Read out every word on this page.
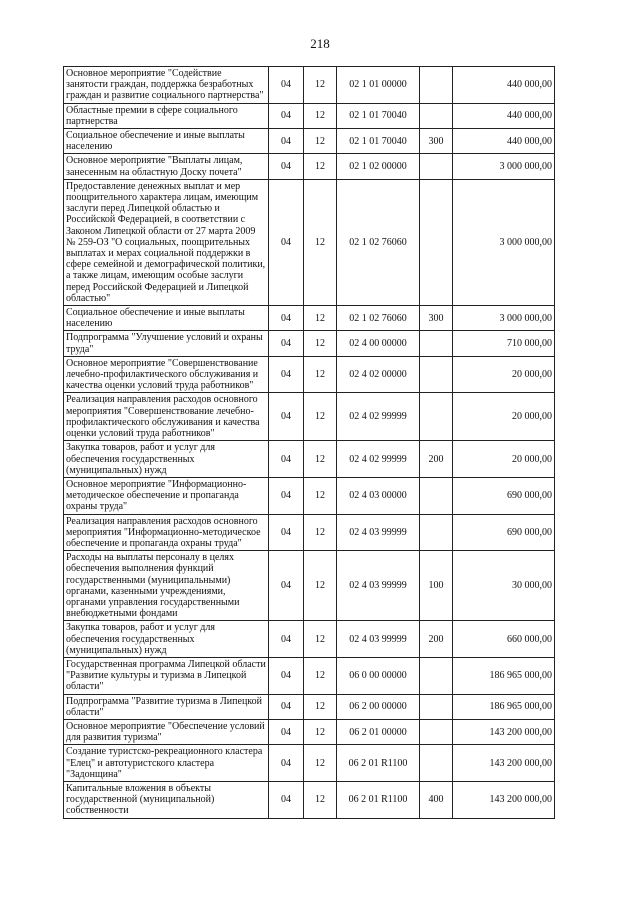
218
Основное мероприятие "Содействие занятости граждан, поддержка безработных граждан и развитие социального партнерства"	04	12	02 1 01 00000		440 000,00
Областные премии в сфере социального партнерства	04	12	02 1 01 70040		440 000,00
Социальное обеспечение и иные выплаты населению	04	12	02 1 01 70040	300	440 000,00
Основное мероприятие "Выплаты лицам, занесенным на областную Доску почета"	04	12	02 1 02 00000		3 000 000,00
Предоставление денежных выплат и мер поощрительного характера лицам, имеющим заслуги перед Липецкой областью и Российской Федерацией, в соответствии с Законом Липецкой области от 27 марта 2009 № 259-ОЗ "О социальных, поощрительных выплатах и мерах социальной поддержки в сфере семейной и демографической политики, а также лицам, имеющим особые заслуги перед Российской Федерацией и Липецкой областью"	04	12	02 1 02 76060		3 000 000,00
Социальное обеспечение и иные выплаты населению	04	12	02 1 02 76060	300	3 000 000,00
Подпрограмма "Улучшение условий и охраны труда"	04	12	02 4 00 00000		710 000,00
Основное мероприятие "Совершенствование лечебно-профилактического обслуживания и качества оценки условий труда работников"	04	12	02 4 02 00000		20 000,00
Реализация направления расходов основного мероприятия "Совершенствование лечебно-профилактического обслуживания и качества оценки условий труда работников"	04	12	02 4 02 99999		20 000,00
Закупка товаров, работ и услуг для обеспечения государственных (муниципальных) нужд	04	12	02 4 02 99999	200	20 000,00
Основное мероприятие "Информационно-методическое обеспечение и пропаганда охраны труда"	04	12	02 4 03 00000		690 000,00
Реализация направления расходов основного мероприятия "Информационно-методическое обеспечение и пропаганда охраны труда"	04	12	02 4 03 99999		690 000,00
Расходы на выплаты персоналу в целях обеспечения выполнения функций государственными (муниципальными) органами, казенными учреждениями, органами управления государственными внебюджетными фондами	04	12	02 4 03 99999	100	30 000,00
Закупка товаров, работ и услуг для обеспечения государственных (муниципальных) нужд	04	12	02 4 03 99999	200	660 000,00
Государственная программа Липецкой области "Развитие культуры и туризма в Липецкой области"	04	12	06 0 00 00000		186 965 000,00
Подпрограмма "Развитие туризма в Липецкой области"	04	12	06 2 00 00000		186 965 000,00
Основное мероприятие "Обеспечение условий для развития туризма"	04	12	06 2 01 00000		143 200 000,00
Создание туристско-рекреационного кластера "Елец" и автотуристского кластера "Задонщина"	04	12	06 2 01 R1100		143 200 000,00
Капитальные вложения в объекты государственной (муниципальной) собственности	04	12	06 2 01 R1100	400	143 200 000,00
